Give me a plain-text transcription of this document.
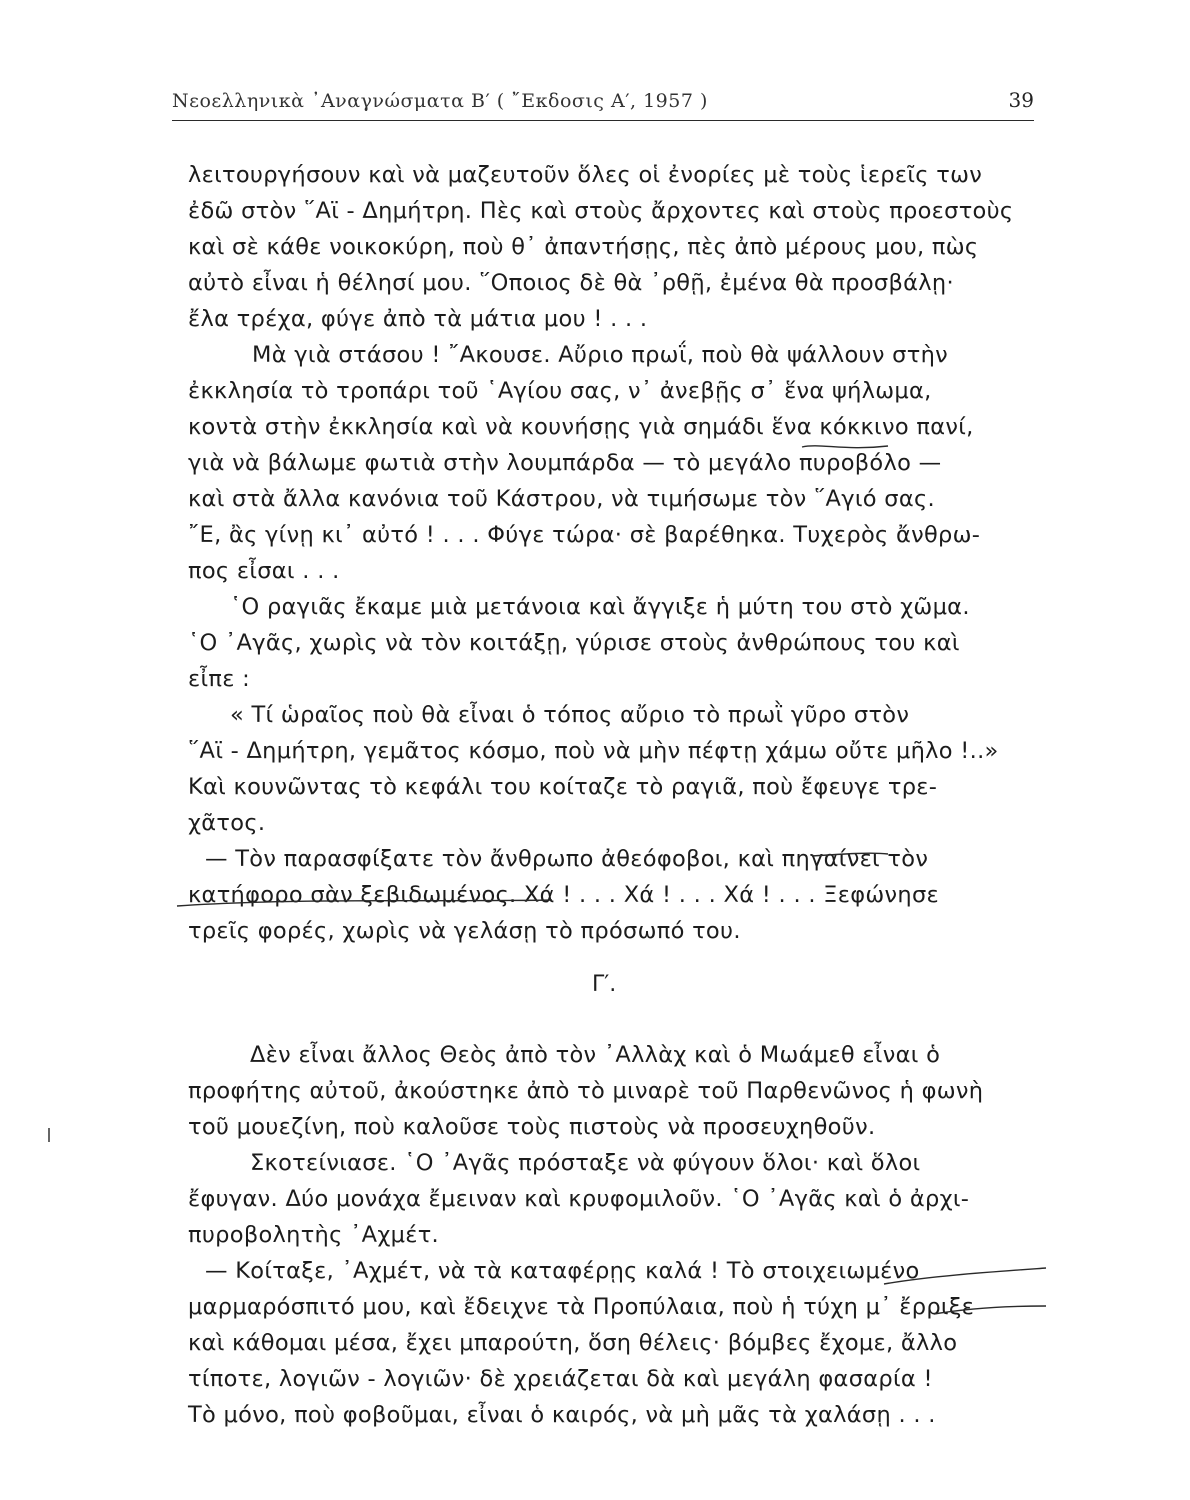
Νεοελληνικὰ ᾿Αναγνώσματα Β′ ( ῎Εκδοσις Α′, 1957 )	39
λειτουργήσουν καὶ νὰ μαζευτοῦν ὅλες οἱ ἐνορίες μὲ τοὺς ἱερεῖς των
ἐδῶ στὸν ῞Αϊ - Δημήτρη. Πὲς καὶ στοὺς ἄρχοντες καὶ στοὺς προεστοὺς
καὶ σὲ κάθε νοικοκύρη, ποὺ θ᾿ ἀπαντήσῃς, πὲς ἀπὸ μέρους μου, πὼς
αὐτὸ εἶναι ἡ θέλησί μου. ῞Οποιος δὲ θὰ ᾿ρθῇ, ἐμένα θὰ προσβάλῃ·
ἔλα τρέχα, φύγε ἀπὸ τὰ μάτια μου ! . . .
Μὰ γιὰ στάσου ! ῎Ακουσε. Αὔριο πρωΐ, ποὺ θὰ ψάλλουν στὴν
ἐκκλησία τὸ τροπάρι τοῦ ῾Αγίου σας, ν᾿ ἀνεβῇς σ᾿ ἕνα ψήλωμα,
κοντὰ στὴν ἐκκλησία καὶ νὰ κουνήσῃς γιὰ σημάδι ἕνα κόκκινο πανί,
γιὰ νὰ βάλωμε φωτιὰ στὴν λουμπάρδα — τὸ μεγάλο πυροβόλο —
καὶ στὰ ἄλλα κανόνια τοῦ Κάστρου, νὰ τιμήσωμε τὸν ῞Αγιό σας.
῎Ε, ἂς γίνῃ κι᾿ αὐτό ! . . . Φύγε τώρα· σὲ βαρέθηκα. Τυχερὸς ἄνθρω-
πος εἶσαι . . .
῾Ο ραγιᾶς ἔκαμε μιὰ μετάνοια καὶ ἄγγιξε ἡ μύτη του στὸ χῶμα.
῾Ο ᾿Αγᾶς, χωρὶς νὰ τὸν κοιτάξῃ, γύρισε στοὺς ἀνθρώπους του καὶ
εἶπε :
« Τί ὡραῖος ποὺ θὰ εἶναι ὁ τόπος αὔριο τὸ πρωῒ γῦρο στὸν
῞Αϊ - Δημήτρη, γεμᾶτος κόσμο, ποὺ νὰ μὴν πέφτῃ χάμω οὔτε μῆλο !..»
Καὶ κουνῶντας τὸ κεφάλι του κοίταζε τὸ ραγιᾶ, ποὺ ἔφευγε τρε-
χᾶτος.
— Τὸν παρασφίξατε τὸν ἄνθρωπο ἀθεόφοβοι, καὶ πηγαίνει τὸν
κατήφορο σὰν ξεβιδωμένος. Χά ! . . . Χά ! . . . Χά ! . . . Ξεφώνησε
τρεῖς φορές, χωρὶς νὰ γελάσῃ τὸ πρόσωπό του.
Γ′.
Δὲν εἶναι ἄλλος Θεὸς ἀπὸ τὸν ᾿Αλλὰχ καὶ ὁ Μωάμεθ εἶναι ὁ
προφήτης αὐτοῦ, ἀκούστηκε ἀπὸ τὸ μιναρὲ τοῦ Παρθενῶνος ἡ φωνὴ
τοῦ μουεζίνη, ποὺ καλοῦσε τοὺς πιστοὺς νὰ προσευχηθοῦν.
Σκοτείνιασε. ῾Ο ᾿Αγᾶς πρόσταξε νὰ φύγουν ὅλοι· καὶ ὅλοι
ἔφυγαν. Δύο μονάχα ἔμειναν καὶ κρυφομιλοῦν. ῾Ο ᾿Αγᾶς καὶ ὁ ἀρχι-
πυροβολητὴς ᾿Αχμέτ.
— Κοίταξε, ᾿Αχμέτ, νὰ τὰ καταφέρῃς καλά ! Τὸ στοιχειωμένο
μαρμαρόσπιτό μου, καὶ ἔδειχνε τὰ Προπύλαια, ποὺ ἡ τύχη μ᾿ ἔρριξε
καὶ κάθομαι μέσα, ἔχει μπαρούτη, ὅση θέλεις· βόμβες ἔχομε, ἄλλο
τίποτε, λογιῶν - λογιῶν· δὲ χρειάζεται δὰ καὶ μεγάλη φασαρία !
Τὸ μόνο, ποὺ φοβοῦμαι, εἶναι ὁ καιρός, νὰ μὴ μᾶς τὰ χαλάσῃ . . .
